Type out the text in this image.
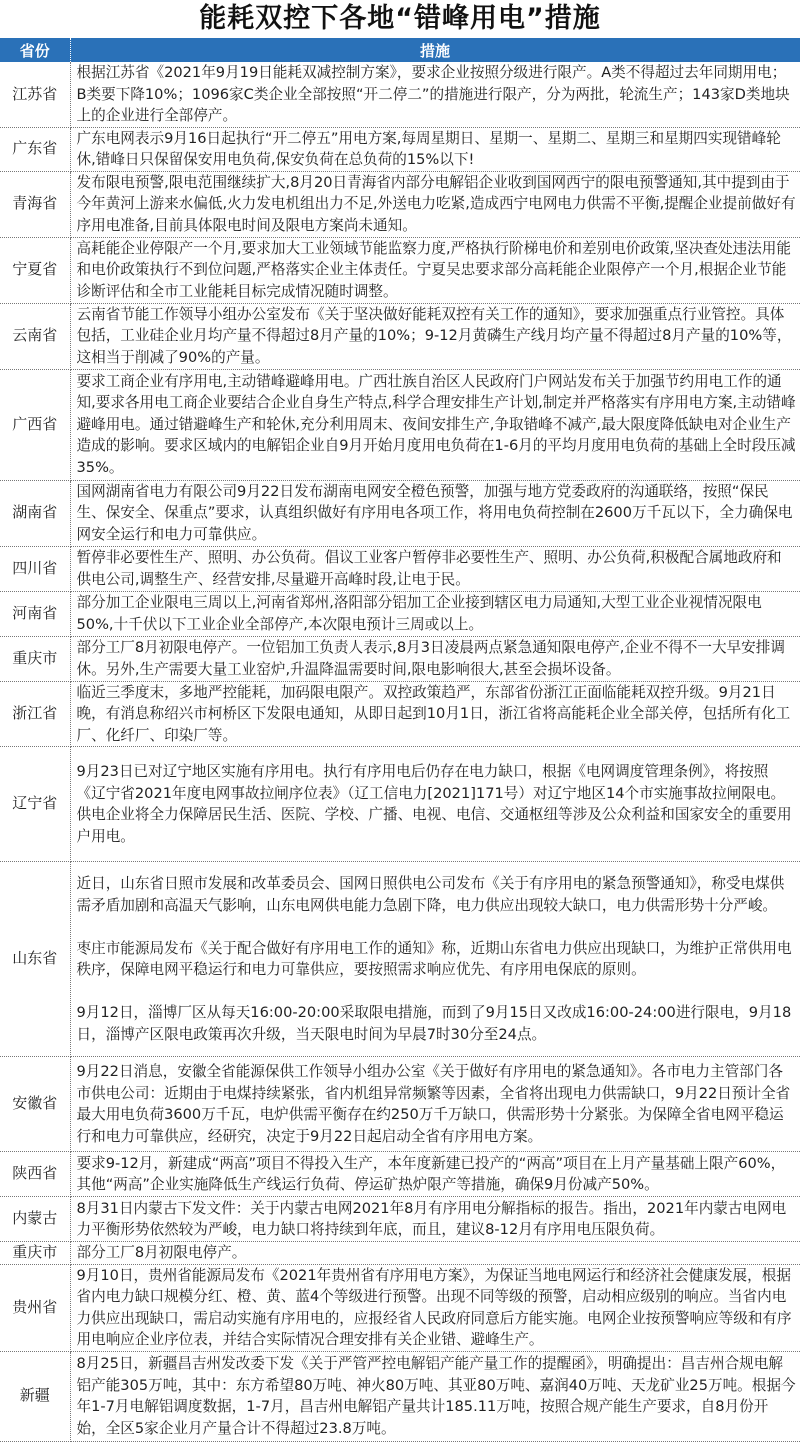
能耗双控下各地“错峰用电”措施
省份	措施
江苏省	根据江苏省《2021年9月19日能耗双减控制方案》，要求企业按照分级进行限产。A类不得超过去年同期用电；B类要下降10%；1096家C类企业全部按照“开二停二”的措施进行限产，分为两批，轮流生产；143家D类地块上的企业进行全部停产。
广东省	广东电网表示9月16日起执行“开二停五”用电方案,每周星期日、星期一、星期二、星期三和星期四实现错峰轮休,错峰日只保留保安用电负荷,保安负荷在总负荷的15%以下!
青海省	发布限电预警,限电范围继续扩大,8月20日青海省内部分电解铝企业收到国网西宁的限电预警通知,其中提到由于今年黄河上游来水偏低,火力发电机组出力不足,外送电力吃紧,造成西宁电网电力供需不平衡,提醒企业提前做好有序用电准备,目前具体限电时间及限电方案尚未通知。
宁夏省	高耗能企业停限产一个月,要求加大工业领域节能监察力度,严格执行阶梯电价和差别电价政策,坚决查处违法用能和电价政策执行不到位问题,严格落实企业主体责任。宁夏吴忠要求部分高耗能企业限停产一个月,根据企业节能诊断评估和全市工业能耗目标完成情况随时调整。
云南省	云南省节能工作领导小组办公室发布《关于坚决做好能耗双控有关工作的通知》，要求加强重点行业管控。具体包括，工业硅企业月均产量不得超过8月产量的10%；9-12月黄磷生产线月均产量不得超过8月产量的10%等，这相当于削减了90%的产量。
广西省	要求工商企业有序用电,主动错峰避峰用电。广西壮族自治区人民政府门户网站发布关于加强节约用电工作的通知,要求各用电工商企业要结合企业自身生产特点,科学合理安排生产计划,制定并严格落实有序用电方案,主动错峰避峰用电。通过错避峰生产和轮休,充分利用周末、夜间安排生产,争取错峰不减产,最大限度降低缺电对企业生产造成的影响。要求区域内的电解铝企业自9月开始月度用电负荷在1-6月的平均月度用电负荷的基础上全时段压减35%。
湖南省	国网湖南省电力有限公司9月22日发布湖南电网安全橙色预警，加强与地方党委政府的沟通联络，按照“保民生、保安全、保重点”要求，认真组织做好有序用电各项工作，将用电负荷控制在2600万千瓦以下，全力确保电网安全运行和电力可靠供应。
四川省	暂停非必要性生产、照明、办公负荷。倡议工业客户暂停非必要性生产、照明、办公负荷,积极配合属地政府和供电公司,调整生产、经营安排,尽量避开高峰时段,让电于民。
河南省	部分加工企业限电三周以上,河南省郑州,洛阳部分铝加工企业接到辖区电力局通知,大型工业企业视情况限电50%,十千伏以下工业企业全部停产,本次限电预计三周或以上。
重庆市	部分工厂8月初限电停产。一位铝加工负责人表示,8月3日凌晨两点紧急通知限电停产,企业不得不一大早安排调休。另外,生产需要大量工业窑炉,升温降温需要时间,限电影响很大,甚至会损坏设备。
浙江省	临近三季度末，多地严控能耗，加码限电限产。双控政策趋严，东部省份浙江正面临能耗双控升级。9月21日晚，有消息称绍兴市柯桥区下发限电通知，从即日起到10月1日，浙江省将高能耗企业全部关停，包括所有化工厂、化纤厂、印染厂等。
辽宁省	9月23日已对辽宁地区实施有序用电。执行有序用电后仍存在电力缺口，根据《电网调度管理条例》，将按照《辽宁省2021年度电网事故拉闸序位表》（辽工信电力[2021]171号）对辽宁地区14个市实施事故拉闸限电。供电企业将全力保障居民生活、医院、学校、广播、电视、电信、交通枢纽等涉及公众利益和国家安全的重要用户用电。
山东省	近日，山东省日照市发展和改革委员会、国网日照供电公司发布《关于有序用电的紧急预警通知》，称受电煤供需矛盾加剧和高温天气影响，山东电网供电能力急剧下降，电力供应出现较大缺口，电力供需形势十分严峻。

枣庄市能源局发布《关于配合做好有序用电工作的通知》称，近期山东省电力供应出现缺口，为维护正常供用电秩序，保障电网平稳运行和电力可靠供应，要按照需求响应优先、有序用电保底的原则。

9月12日，淄博厂区从每天16:00-20:00采取限电措施，而到了9月15日又改成16:00-24:00进行限电，9月18日，淄博产区限电政策再次升级，当天限电时间为早晨7时30分至24点。
安徽省	9月22日消息，安徽全省能源保供工作领导小组办公室《关于做好有序用电的紧急通知》。各市电力主管部门各市供电公司：近期由于电煤持续紧张，省内机组异常频繁等因素，全省将出现电力供需缺口，9月22日预计全省最大用电负荷3600万千瓦，电炉供需平衡存在约250万千万缺口，供需形势十分紧张。为保障全省电网平稳运行和电力可靠供应，经研究，决定于9月22日起启动全省有序用电方案。
陕西省	要求9-12月，新建成“两高”项目不得投入生产，本年度新建已投产的“两高”项目在上月产量基础上限产60%，其他“两高”企业实施降低生产线运行负荷、停运矿热炉限产等措施，确保9月份减产50%。
内蒙古	8月31日内蒙古下发文件：关于内蒙古电网2021年8月有序用电分解指标的报告。指出，2021年内蒙古电网电力平衡形势依然较为严峻，电力缺口将持续到年底，而且，建议8-12月有序用电压限负荷。
重庆市	部分工厂8月初限电停产。
贵州省	9月10日，贵州省能源局发布《2021年贵州省有序用电方案》，为保证当地电网运行和经济社会健康发展，根据省内电力缺口规模分红、橙、黄、蓝4个等级进行预警。出现不同等级的预警，启动相应级别的响应。当省内电力供应出现缺口，需启动实施有序用电的，应报经省人民政府同意后方能实施。电网企业按预警响应等级和有序用电响应企业序位表，并结合实际情况合理安排有关企业错、避峰生产。
新疆	8月25日，新疆昌吉州发改委下发《关于严管严控电解铝产能产量工作的提醒函》，明确提出：昌吉州合规电解铝产能305万吨，其中：东方希望80万吨、神火80万吨、其亚80万吨、嘉润40万吨、天龙矿业25万吨。根据今年1-7月电解铝调度数据，1-7月，昌吉州电解铝产量共计185.11万吨，按照合规产能生产要求，自8月份开始，全区5家企业月产量合计不得超过23.8万吨。
